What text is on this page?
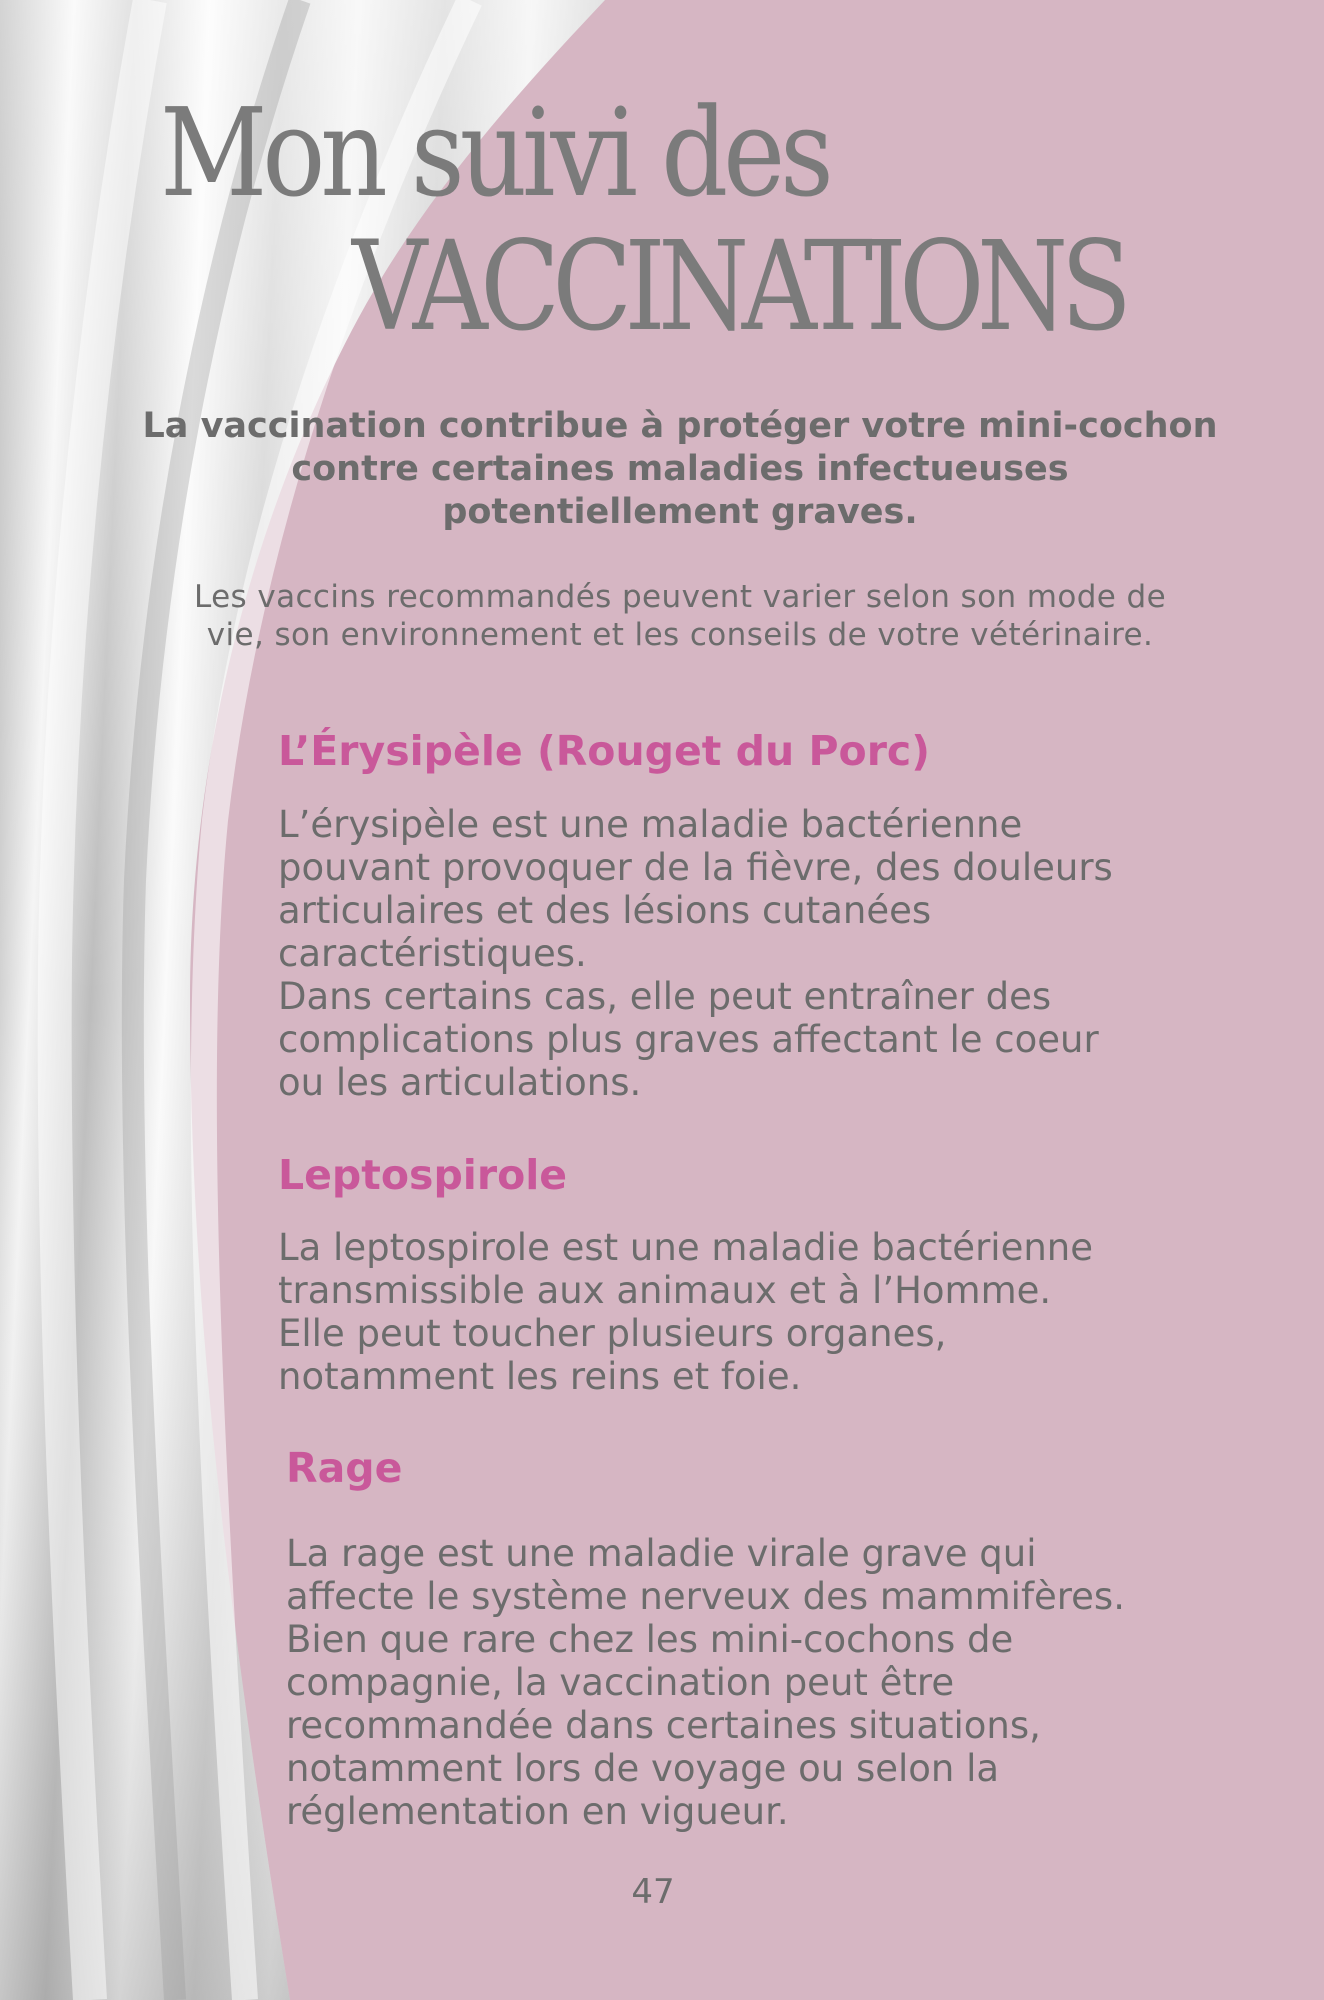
Mon suivi des
VACCINATIONS
La vaccination contribue à protéger votre mini-cochon
contre certaines maladies infectueuses
potentiellement graves.
Les vaccins recommandés peuvent varier selon son mode de
vie, son environnement et les conseils de votre vétérinaire.
L’Érysipèle (Rouget du Porc)
L’érysipèle est une maladie bactérienne
pouvant provoquer de la fièvre, des douleurs
articulaires et des lésions cutanées
caractéristiques.
Dans certains cas, elle peut entraîner des
complications plus graves affectant le coeur
ou les articulations.
Leptospirole
La leptospirole est une maladie bactérienne
transmissible aux animaux et à l’Homme.
Elle peut toucher plusieurs organes,
notamment les reins et foie.
Rage
La rage est une maladie virale grave qui
affecte le système nerveux des mammifères.
Bien que rare chez les mini-cochons de
compagnie, la vaccination peut être
recommandée dans certaines situations,
notamment lors de voyage ou selon la
réglementation en vigueur.
47
